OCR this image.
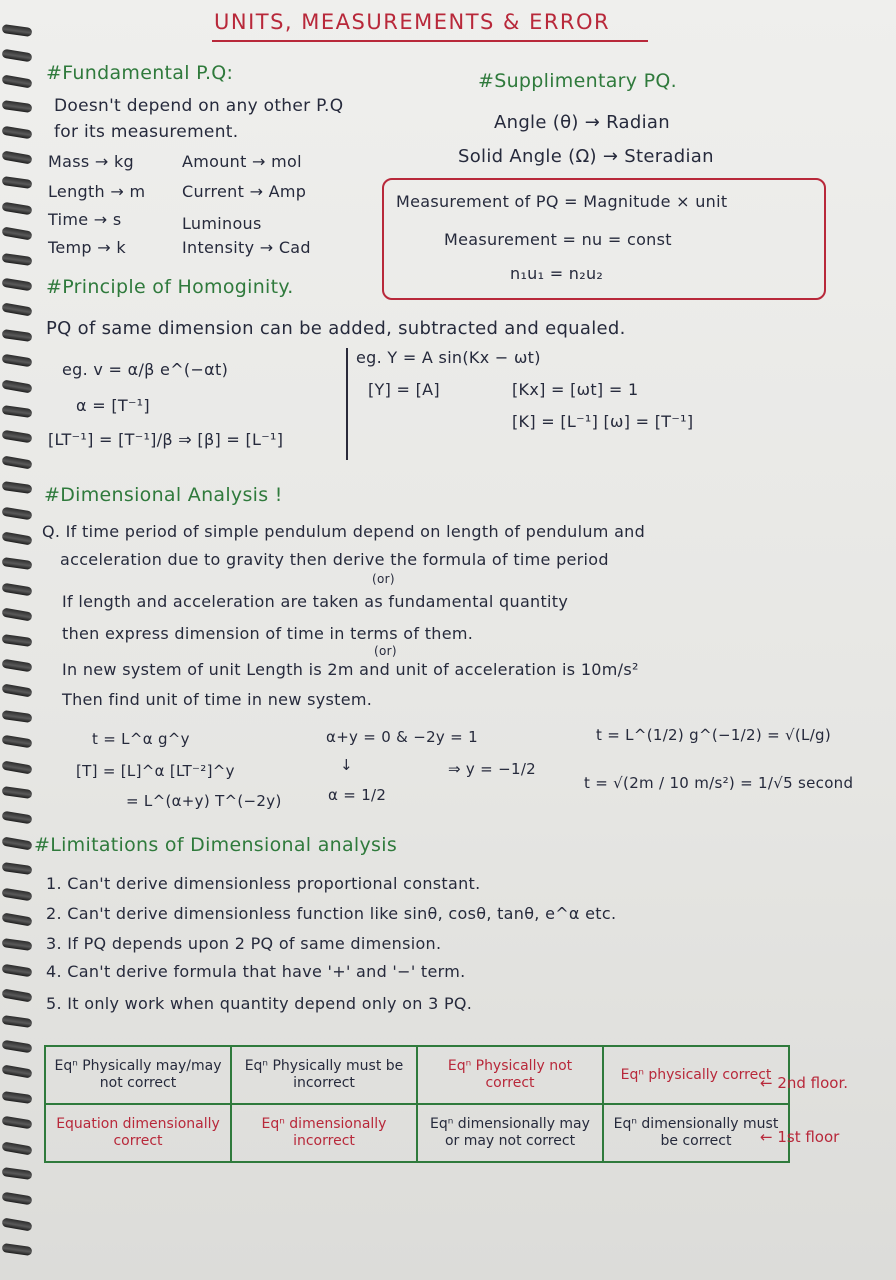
UNITS, MEASUREMENTS & ERROR
#Fundamental P.Q:
Doesn't depend on any other P.Q
for its measurement.
Mass → kg	Amount → mol
Length → m Current → Amp
Time → s	Luminous
Temp → k	Intensity → Cad
#Supplimentary PQ.
Angle (θ) → Radian
Solid Angle (Ω) → Steradian
Measurement of PQ = Magnitude × unit
Measurement = nu = const
n₁u₁ = n₂u₂
#Principle of Homoginity.
PQ of same dimension can be added, subtracted and equaled.
eg. v = α/β e^(−αt)
α = [T⁻¹]
[LT⁻¹] = [T⁻¹]/β ⇒ [β] = [L⁻¹]
eg. Y = A sin(Kx − ωt)
[Y] = [A]	[Kx] = [ωt] = 1
[K] = [L⁻¹] [ω] = [T⁻¹]
#Dimensional Analysis !
Q. If time period of simple pendulum depend on length of pendulum and
acceleration due to gravity then derive the formula of time period
(or)
If length and acceleration are taken as fundamental quantity
then express dimension of time in terms of them.
(or)
In new system of unit Length is 2m and unit of acceleration is 10m/s²
Then find unit of time in new system.
t = L^α g^y
[T] = [L]^α [LT⁻²]^y
= L^(α+y) T^(−2y)
α+y = 0 & −2y = 1
↓
α = 1/2
⇒ y = −1/2
t = L^(1/2) g^(−1/2) = √(L/g)
t = √(2m / 10 m/s²) = 1/√5 second
#Limitations of Dimensional analysis
1. Can't derive dimensionless proportional constant.
2. Can't derive dimensionless function like sinθ, cosθ, tanθ, e^α etc.
3. If PQ depends upon 2 PQ of same dimension.
4. Can't derive formula that have '+' and '−' term.
5. It only work when quantity depend only on 3 PQ.
Eqⁿ Physically may/may not correct	Eqⁿ Physically must be incorrect	Eqⁿ Physically not correct	Eqⁿ physically correct
Equation dimensionally correct	Eqⁿ dimensionally incorrect	Eqⁿ dimensionally may or may not correct	Eqⁿ dimensionally must be correct
← 2nd floor.
← 1st floor
